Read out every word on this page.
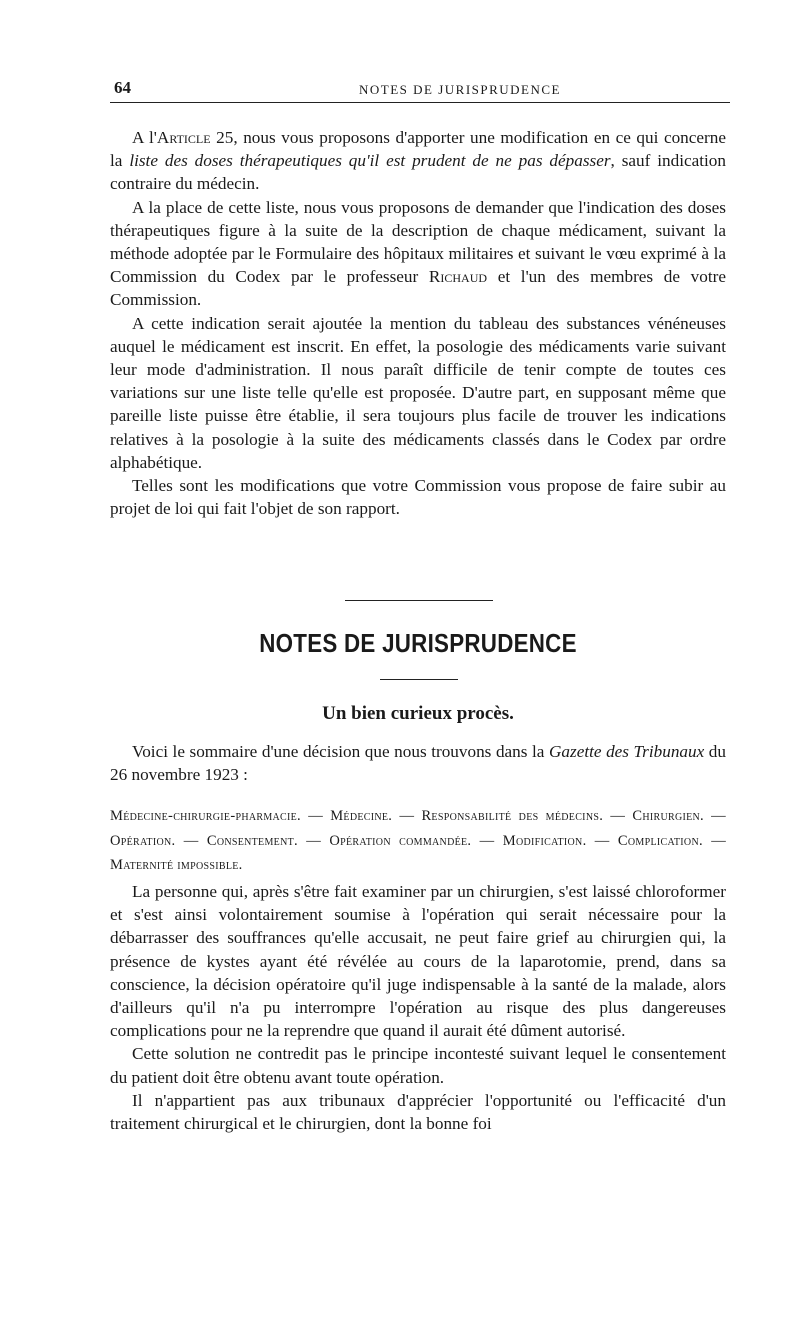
64	NOTES DE JURISPRUDENCE

A l'Article 25, nous vous proposons d'apporter une modification en ce qui concerne la liste des doses thérapeutiques qu'il est prudent de ne pas dépasser, sauf indication contraire du médecin.

A la place de cette liste, nous vous proposons de demander que l'indication des doses thérapeutiques figure à la suite de la description de chaque médicament, suivant la méthode adoptée par le Formulaire des hôpitaux militaires et suivant le vœu exprimé à la Commission du Codex par le professeur Richaud et l'un des membres de votre Commission.

A cette indication serait ajoutée la mention du tableau des substances vénéneuses auquel le médicament est inscrit. En effet, la posologie des médicaments varie suivant leur mode d'administration. Il nous paraît difficile de tenir compte de toutes ces variations sur une liste telle qu'elle est proposée. D'autre part, en supposant même que pareille liste puisse être établie, il sera toujours plus facile de trouver les indications relatives à la posologie à la suite des médicaments classés dans le Codex par ordre alphabétique.

Telles sont les modifications que votre Commission vous propose de faire subir au projet de loi qui fait l'objet de son rapport.

NOTES DE JURISPRUDENCE
Un bien curieux procès.

Voici le sommaire d'une décision que nous trouvons dans la Gazette des Tribunaux du 26 novembre 1923 :

Médecine-chirurgie-pharmacie. — Médecine. — Responsabilité des médecins. — Chirurgien. — Opération. — Consentement. — Opération commandée. — Modification. — Complication. — Maternité impossible.

La personne qui, après s'être fait examiner par un chirurgien, s'est laissé chloroformer et s'est ainsi volontairement soumise à l'opération qui serait nécessaire pour la débarrasser des souffrances qu'elle accusait, ne peut faire grief au chirurgien qui, la présence de kystes ayant été révélée au cours de la laparotomie, prend, dans sa conscience, la décision opératoire qu'il juge indispensable à la santé de la malade, alors d'ailleurs qu'il n'a pu interrompre l'opération au risque des plus dangereuses complications pour ne la reprendre que quand il aurait été dûment autorisé.

Cette solution ne contredit pas le principe incontesté suivant lequel le consentement du patient doit être obtenu avant toute opération.

Il n'appartient pas aux tribunaux d'apprécier l'opportunité ou l'efficacité d'un traitement chirurgical et le chirurgien, dont la bonne foi
